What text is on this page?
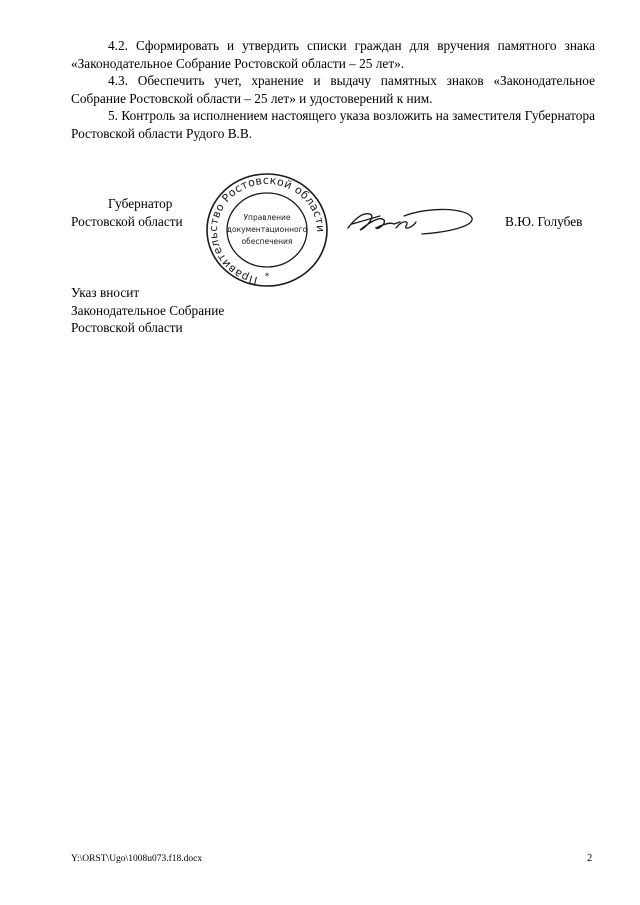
4.2. Сформировать и утвердить списки граждан для вручения памятного знака «Законодательное Собрание Ростовской области – 25 лет».

4.3. Обеспечить учет, хранение и выдачу памятных знаков «Законодательное Собрание Ростовской области – 25 лет» и удостоверений к ним.

5. Контроль за исполнением настоящего указа возложить на заместителя Губернатора Ростовской области Рудого В.В.

Губернатор
Ростовской области
Правительство Ростовской области
Управление
документационного
обеспечения
*
В.Ю. Голубев
Указ вносит
Законодательное Собрание
Ростовской области
Y:\ORST\Ugo\1008u073.f18.docx	2
